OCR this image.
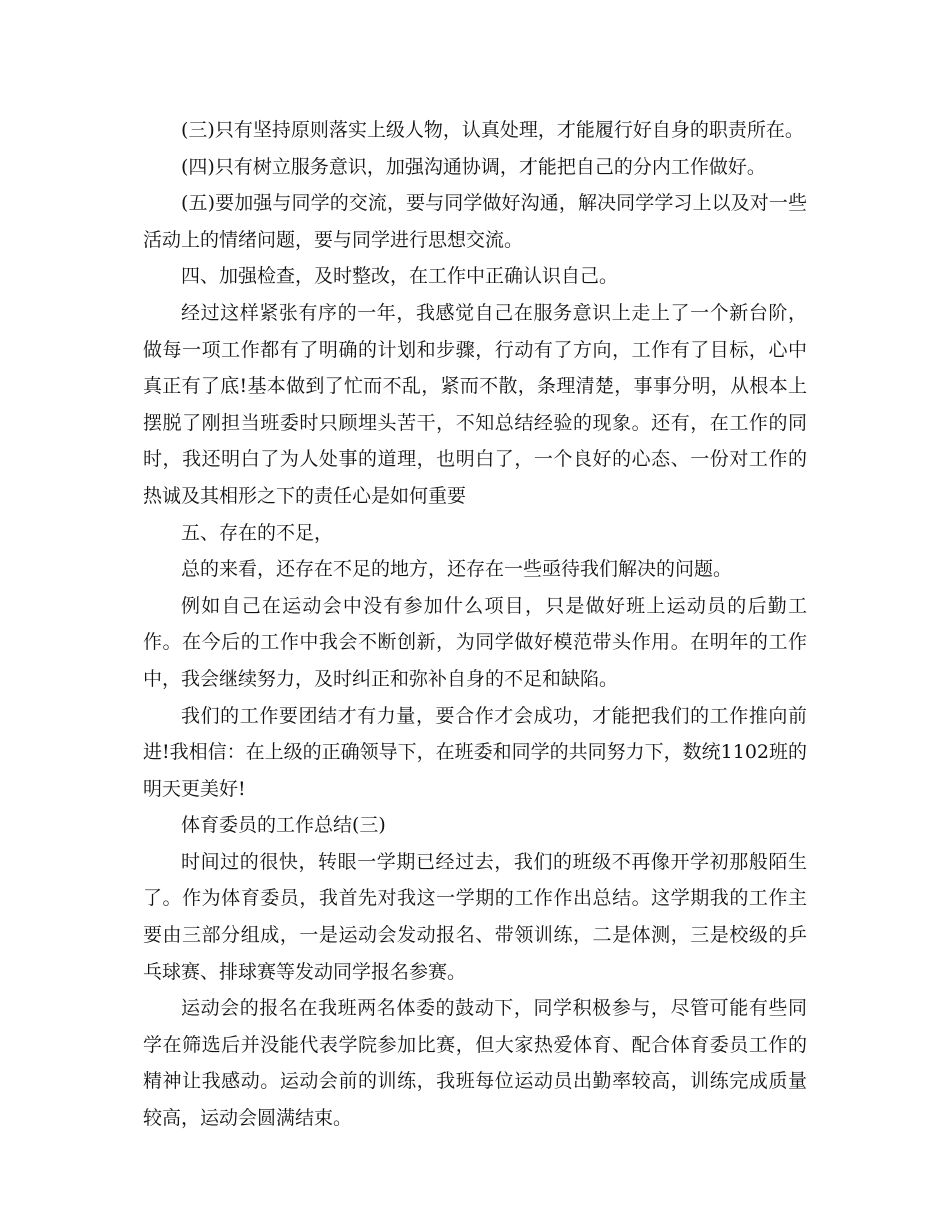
(三)只有坚持原则落实上级人物，认真处理，才能履行好自身的职责所在。

(四)只有树立服务意识，加强沟通协调，才能把自己的分内工作做好。

(五)要加强与同学的交流，要与同学做好沟通，解决同学学习上以及对一些活动上的情绪问题，要与同学进行思想交流。

四、加强检查，及时整改，在工作中正确认识自己。

经过这样紧张有序的一年，我感觉自己在服务意识上走上了一个新台阶，做每一项工作都有了明确的计划和步骤，行动有了方向，工作有了目标，心中真正有了底!基本做到了忙而不乱，紧而不散，条理清楚，事事分明，从根本上摆脱了刚担当班委时只顾埋头苦干，不知总结经验的现象。还有，在工作的同时，我还明白了为人处事的道理，也明白了，一个良好的心态、一份对工作的热诚及其相形之下的责任心是如何重要

五、存在的不足，

总的来看，还存在不足的地方，还存在一些亟待我们解决的问题。

例如自己在运动会中没有参加什么项目，只是做好班上运动员的后勤工作。在今后的工作中我会不断创新，为同学做好模范带头作用。在明年的工作中，我会继续努力，及时纠正和弥补自身的不足和缺陷。

我们的工作要团结才有力量，要合作才会成功，才能把我们的工作推向前进!我相信：在上级的正确领导下，在班委和同学的共同努力下，数统1102班的明天更美好!

体育委员的工作总结(三)

时间过的很快，转眼一学期已经过去，我们的班级不再像开学初那般陌生了。作为体育委员，我首先对我这一学期的工作作出总结。这学期我的工作主要由三部分组成，一是运动会发动报名、带领训练，二是体测，三是校级的乒乓球赛、排球赛等发动同学报名参赛。

运动会的报名在我班两名体委的鼓动下，同学积极参与，尽管可能有些同学在筛选后并没能代表学院参加比赛，但大家热爱体育、配合体育委员工作的精神让我感动。运动会前的训练，我班每位运动员出勤率较高，训练完成质量较高，运动会圆满结束。
